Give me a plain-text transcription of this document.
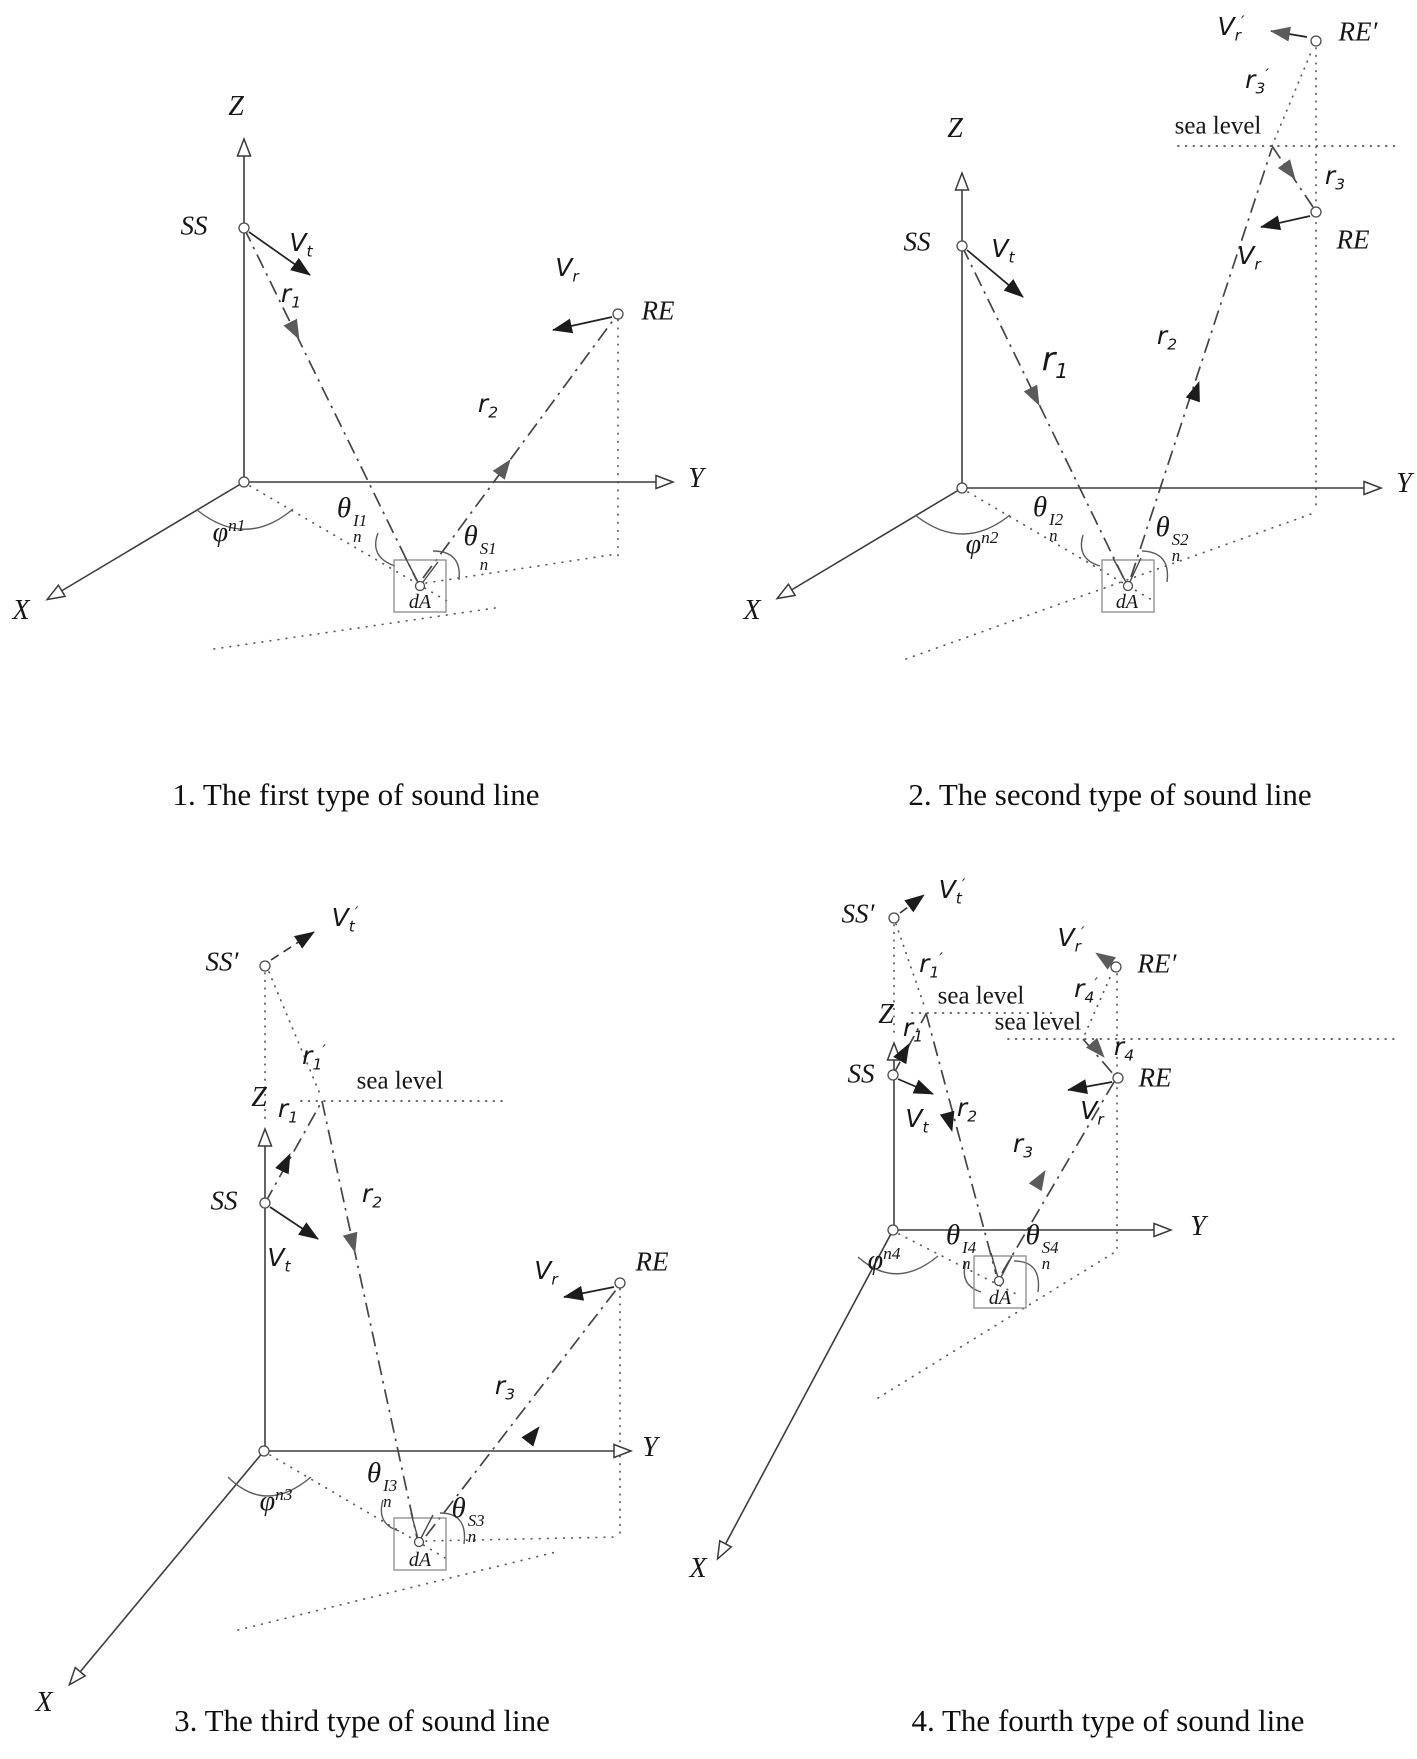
Z
Y
X
SS
RE
$V_t$
$V_r$
$r_1$
$r_2$
dA
$\varphi^{n1}$
θ I1
n	θ S1
n
Z
Y
X
SS	RE
RE′
sea level
$V_t$	$V_r$
$V_r'$
$r_1$
$r_2$
$r_3$
$r_3'$
dA
$\varphi^{n2}$
θ I2
n	θ S2
n
Z
Y
X
SS′
SS
RE
sea level
$V_t'$
$V_t$	$V_r$
$r_1'$
$r_1$
$r_2$
$r_3$
dA
$\varphi^{n3}$
θ I3
n θ S3
n
Z
Y
X
SS′
SS
RE′
RE
sea level
sea level
$V_t'$
$V_t$
$V_r'$
$V_r$
$r_1'$
$r_1$
$r_2$
$r_3$
$r_4'$
$r_4$
dA
$\varphi^{n4}$
θ I4
n
θ S4
n
1. The first type of sound line	2. The second type of sound line
3. The third type of sound line	4. The fourth type of sound line
